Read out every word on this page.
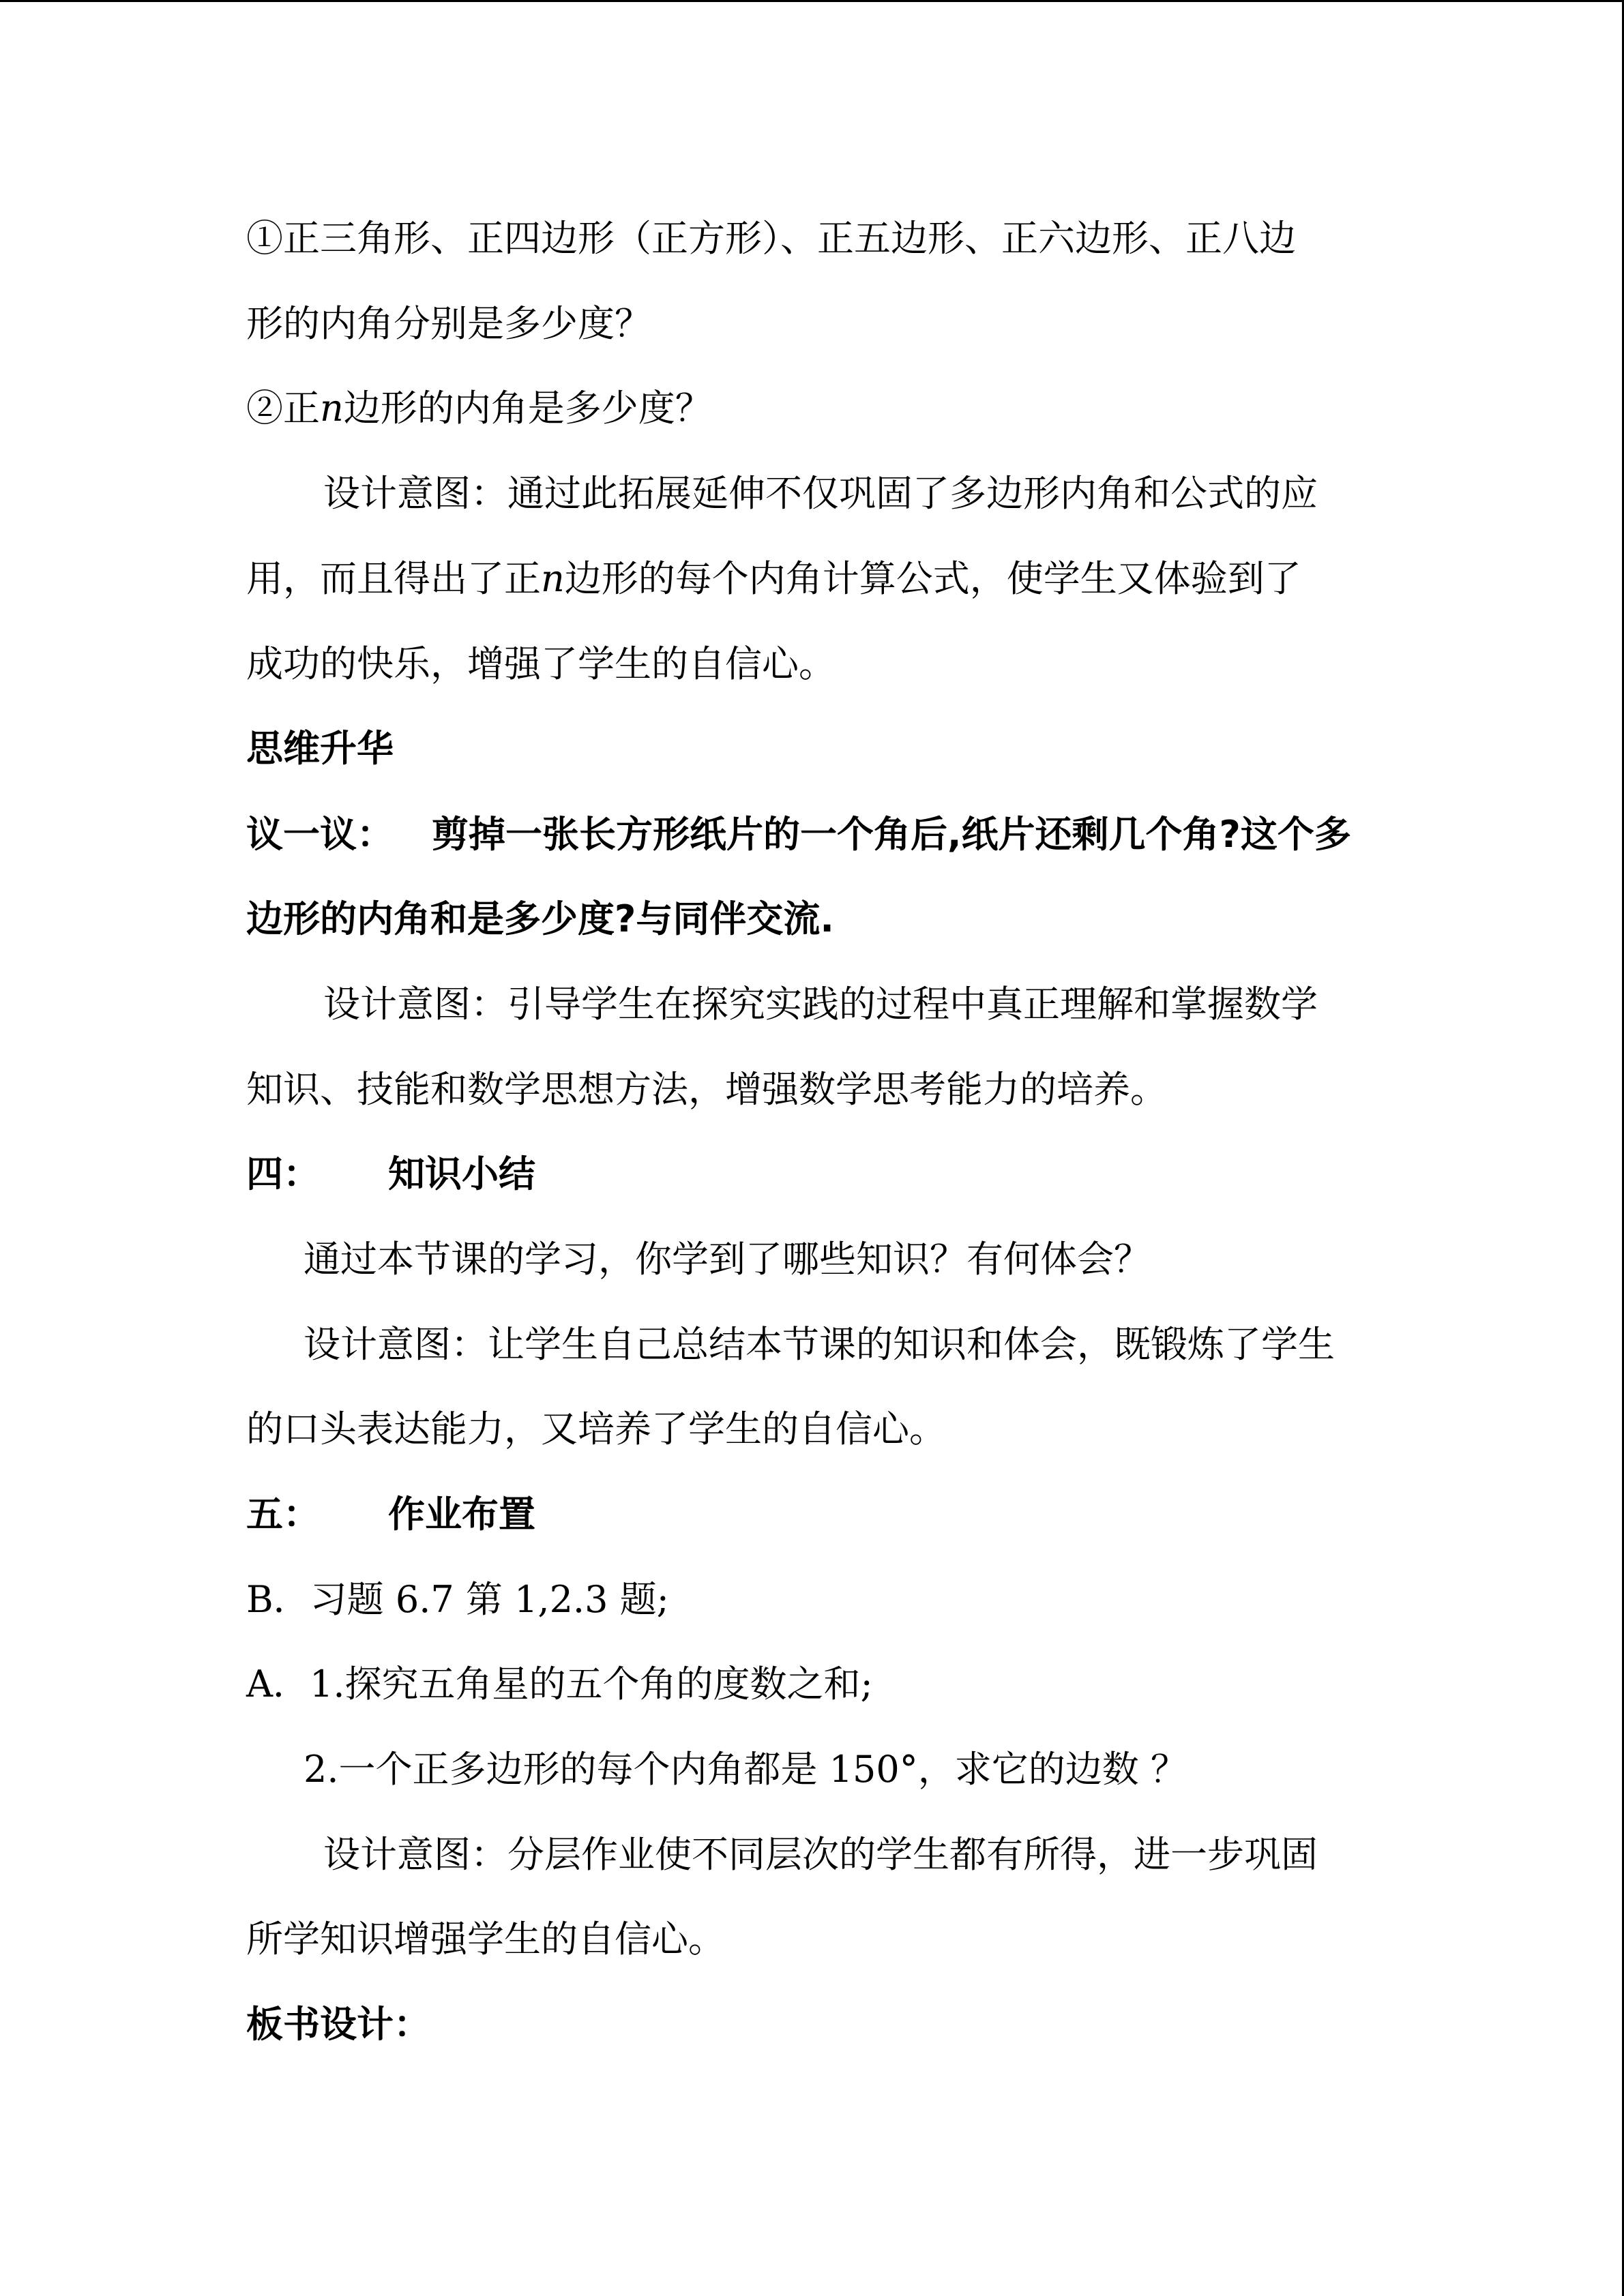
①正三角形、正四边形（正方形）、正五边形、正六边形、正八边
形的内角分别是多少度？
②正n边形的内角是多少度？
设计意图：通过此拓展延伸不仅巩固了多边形内角和公式的应
用，而且得出了正n边形的每个内角计算公式，使学生又体验到了
成功的快乐，增强了学生的自信心。
思维升华
议一议： 剪掉一张长方形纸片的一个角后,纸片还剩几个角?这个多
边形的内角和是多少度?与同伴交流.
设计意图：引导学生在探究实践的过程中真正理解和掌握数学
知识、技能和数学思想方法，增强数学思考能力的培养。
四： 知识小结
通过本节课的学习，你学到了哪些知识？有何体会？
设计意图：让学生自己总结本节课的知识和体会，既锻炼了学生
的口头表达能力，又培养了学生的自信心。
五： 作业布置
B．习题 6.7 第 1,2.3 题;
A．1.探究五角星的五个角的度数之和;
2.一个正多边形的每个内角都是 150°，求它的边数 ？
设计意图：分层作业使不同层次的学生都有所得，进一步巩固
所学知识增强学生的自信心。
板书设计：
